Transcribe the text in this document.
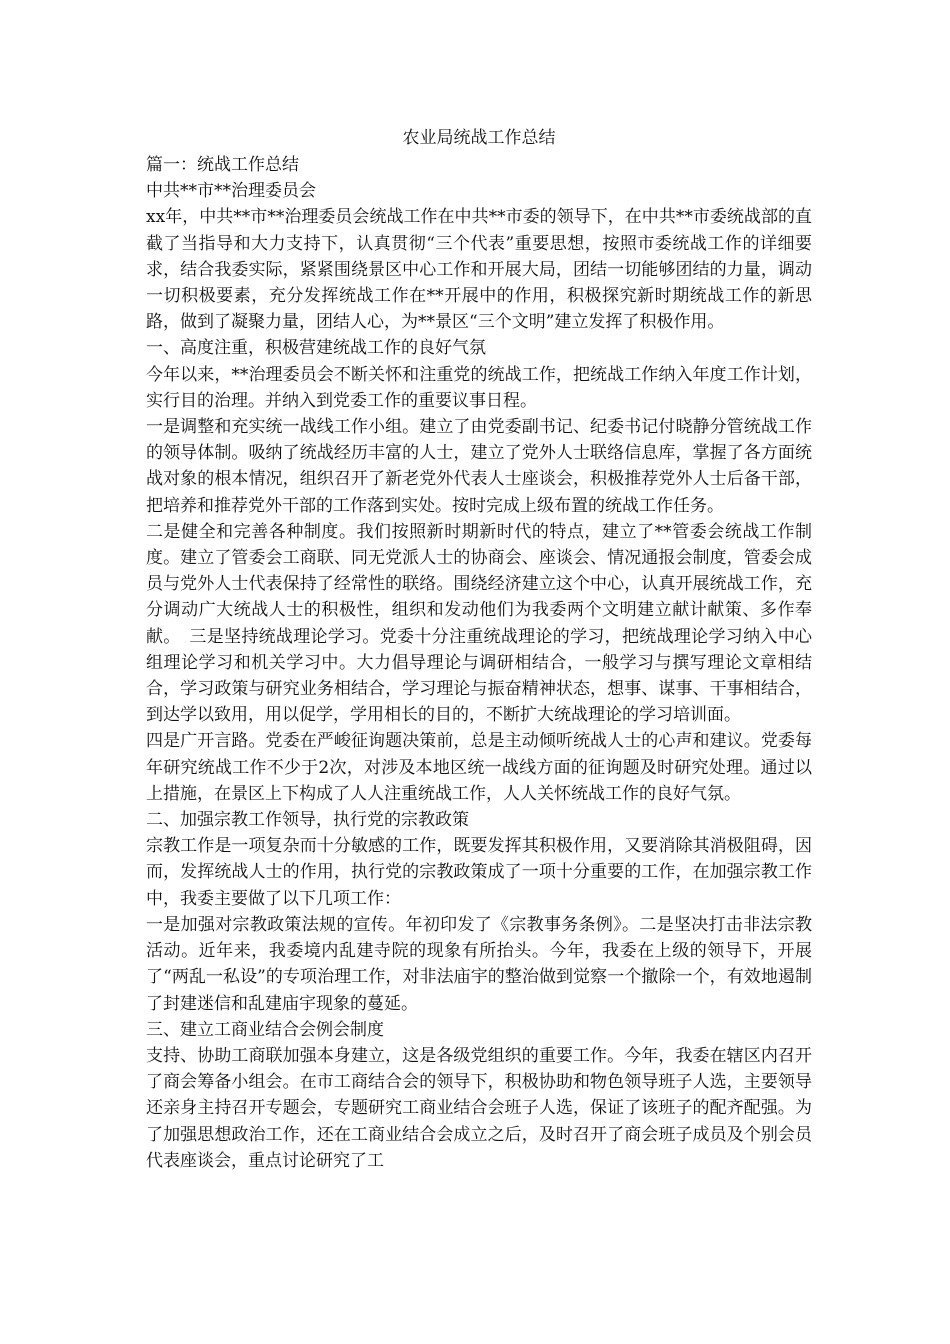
农业局统战工作总结

篇一：统战工作总结

中共**市**治理委员会

xx年，中共**市**治理委员会统战工作在中共**市委的领导下，在中共**市委统战部的直截了当指导和大力支持下，认真贯彻“三个代表”重要思想，按照市委统战工作的详细要求，结合我委实际，紧紧围绕景区中心工作和开展大局，团结一切能够团结的力量，调动一切积极要素，充分发挥统战工作在**开展中的作用，积极探究新时期统战工作的新思路，做到了凝聚力量，团结人心，为**景区“三个文明”建立发挥了积极作用。

一、高度注重，积极营建统战工作的良好气氛

今年以来，**治理委员会不断关怀和注重党的统战工作，把统战工作纳入年度工作计划，实行目的治理。并纳入到党委工作的重要议事日程。

一是调整和充实统一战线工作小组。建立了由党委副书记、纪委书记付晓静分管统战工作的领导体制。吸纳了统战经历丰富的人士，建立了党外人士联络信息库，掌握了各方面统战对象的根本情况，组织召开了新老党外代表人士座谈会，积极推荐党外人士后备干部，把培养和推荐党外干部的工作落到实处。按时完成上级布置的统战工作任务。

二是健全和完善各种制度。我们按照新时期新时代的特点，建立了**管委会统战工作制度。建立了管委会工商联、同无党派人士的协商会、座谈会、情况通报会制度，管委会成员与党外人士代表保持了经常性的联络。围绕经济建立这个中心，认真开展统战工作，充分调动广大统战人士的积极性，组织和发动他们为我委两个文明建立献计献策、多作奉献。　三是坚持统战理论学习。党委十分注重统战理论的学习，把统战理论学习纳入中心组理论学习和机关学习中。大力倡导理论与调研相结合，一般学习与撰写理论文章相结合，学习政策与研究业务相结合，学习理论与振奋精神状态，想事、谋事、干事相结合，到达学以致用，用以促学，学用相长的目的，不断扩大统战理论的学习培训面。

四是广开言路。党委在严峻征询题决策前，总是主动倾听统战人士的心声和建议。党委每年研究统战工作不少于2次，对涉及本地区统一战线方面的征询题及时研究处理。通过以上措施，在景区上下构成了人人注重统战工作，人人关怀统战工作的良好气氛。

二、加强宗教工作领导，执行党的宗教政策

宗教工作是一项复杂而十分敏感的工作，既要发挥其积极作用，又要消除其消极阻碍，因而，发挥统战人士的作用，执行党的宗教政策成了一项十分重要的工作，在加强宗教工作中，我委主要做了以下几项工作：

一是加强对宗教政策法规的宣传。年初印发了《宗教事务条例》。二是坚决打击非法宗教活动。近年来，我委境内乱建寺院的现象有所抬头。今年，我委在上级的领导下，开展了“两乱一私设”的专项治理工作，对非法庙宇的整治做到觉察一个撤除一个，有效地遏制了封建迷信和乱建庙宇现象的蔓延。

三、建立工商业结合会例会制度

支持、协助工商联加强本身建立，这是各级党组织的重要工作。今年，我委在辖区内召开了商会筹备小组会。在市工商结合会的领导下，积极协助和物色领导班子人选，主要领导还亲身主持召开专题会，专题研究工商业结合会班子人选，保证了该班子的配齐配强。为了加强思想政治工作，还在工商业结合会成立之后，及时召开了商会班子成员及个别会员代表座谈会，重点讨论研究了工
